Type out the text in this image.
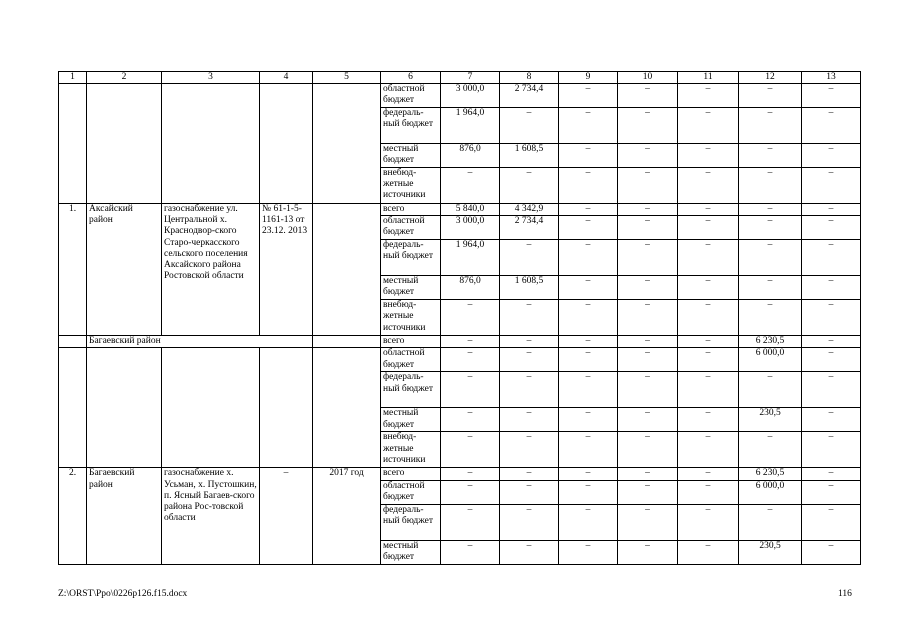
1	2	3	4	5	6	7	8	9	10	11	12	13
					областной бюджет	3 000,0	2 734,4	–	–	–	–	–
					федераль-ный бюджет	1 964,0	–	–	–	–	–	–
					местный бюджет	876,0	1 608,5	–	–	–	–	–
					внебюд-жетные источники	–	–	–	–	–	–	–
1.	Аксайский район	газоснабжение ул. Центральной х. Краснодвор-ского Старо-черкасского сельского поселения Аксайского района Ростовской области	№ 61-1-5-1161-13 от 23.12. 2013		всего	5 840,0	4 342,9	–	–	–	–	–
					областной бюджет	3 000,0	2 734,4	–	–	–	–	–
					федераль-ный бюджет	1 964,0	–	–	–	–	–	–
					местный бюджет	876,0	1 608,5	–	–	–	–	–
					внебюд-жетные источники	–	–	–	–	–	–	–
	Багаевский район				всего	–	–	–	–	–	6 230,5	–
					областной бюджет	–	–	–	–	–	6 000,0	–
					федераль-ный бюджет	–	–	–	–	–	–	–
					местный бюджет	–	–	–	–	–	230,5	–
					внебюд-жетные источники	–	–	–	–	–	–	–
2.	Багаевский район	газоснабжение х. Усьман, х. Пустошкин, п. Ясный Багаев-ского района Рос-товской области	–	2017 год	всего	–	–	–	–	–	6 230,5	–
					областной бюджет	–	–	–	–	–	6 000,0	–
					федераль-ный бюджет	–	–	–	–	–	–	–
					местный бюджет	–	–	–	–	–	230,5	–
Z:\ORST\Ppo\0226p126.f15.docx	116
